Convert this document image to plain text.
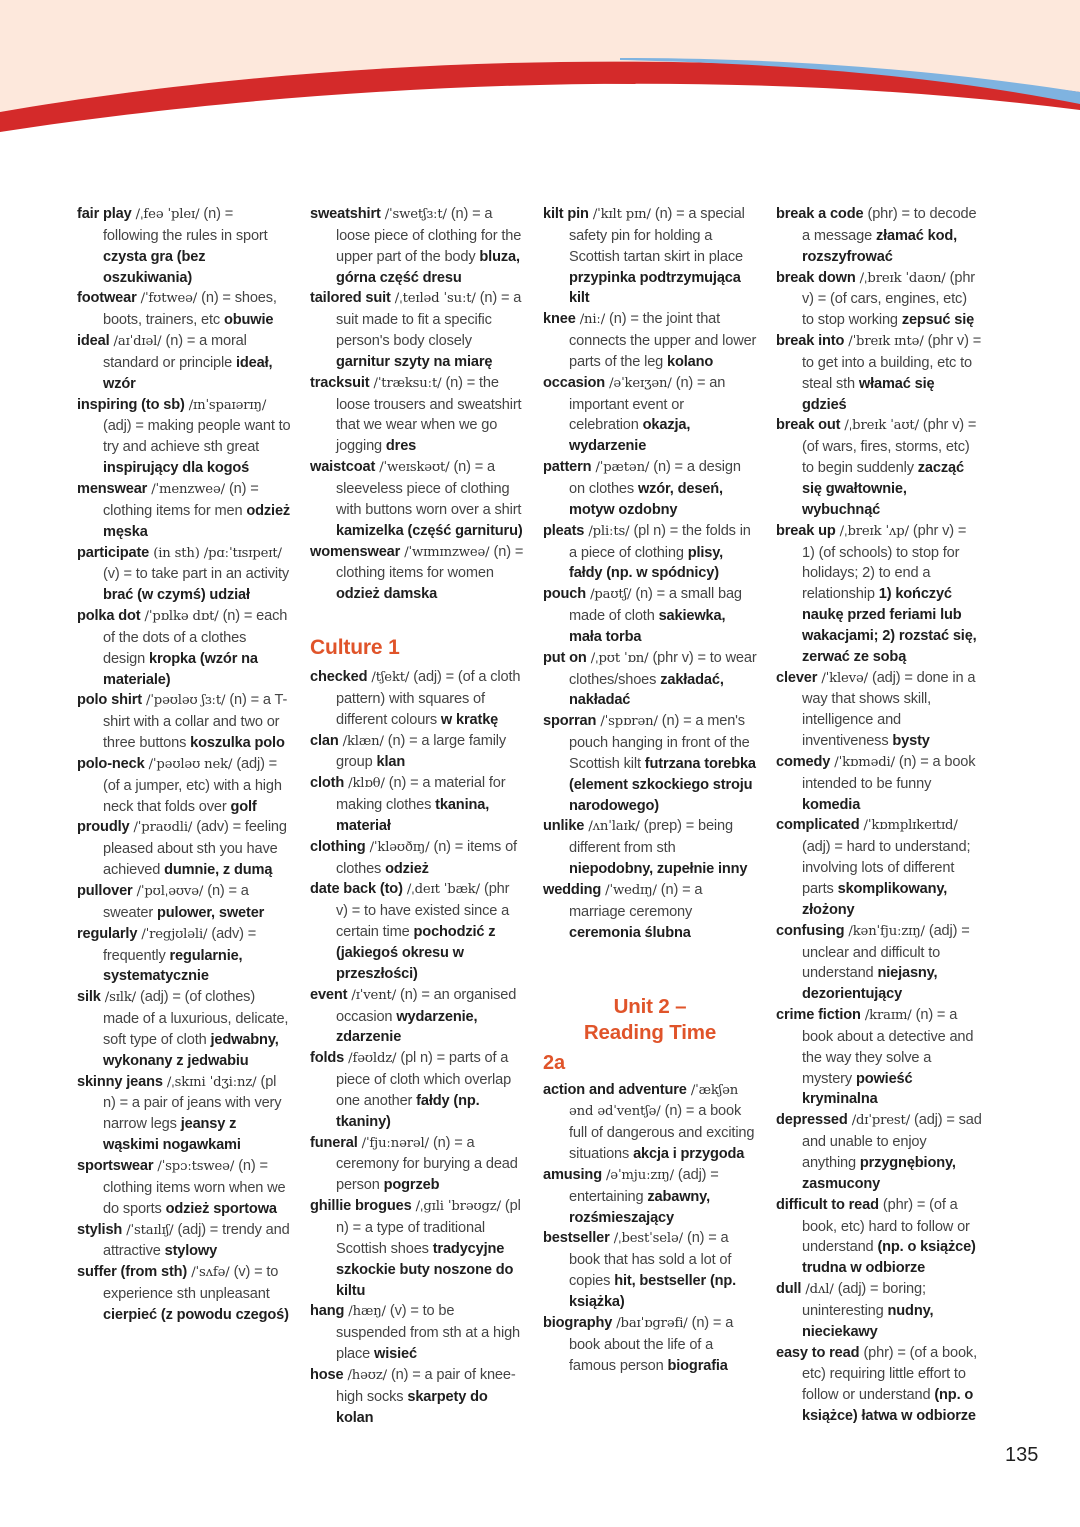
fair play /ˌfeə ˈpleɪ/ (n) = following the rules in sport czysta gra (bez oszukiwania)
footwear /ˈfʊtweə/ (n) = shoes, boots, trainers, etc obuwie
ideal /aɪˈdɪəl/ (n) = a moral standard or principle ideał, wzór
inspiring (to sb) /ɪnˈspaɪərɪŋ/ (adj) = making people want to try and achieve sth great inspirujący dla kogoś
menswear /ˈmenzweə/ (n) = clothing items for men odzież męska
participate (in sth) /pɑːˈtɪsɪpeɪt/ (v) = to take part in an activity brać (w czymś) udział
polka dot /ˈpɒlkə dɒt/ (n) = each of the dots of a clothes design kropka (wzór na materiale)
polo shirt /ˈpəʊləʊ ʃɜːt/ (n) = a T-shirt with a collar and two or three buttons koszulka polo
polo-neck /ˈpəʊləʊ nek/ (adj) = (of a jumper, etc) with a high neck that folds over golf
proudly /ˈpraʊdli/ (adv) = feeling pleased about sth you have achieved dumnie, z dumą
pullover /ˈpʊlˌəʊvə/ (n) = a sweater pulower, sweter
regularly /ˈregjʊləli/ (adv) = frequently regularnie, systematycznie
silk /sɪlk/ (adj) = (of clothes) made of a luxurious, delicate, soft type of cloth jedwabny, wykonany z jedwabiu
skinny jeans /ˌskɪni ˈdʒiːnz/ (pl n) = a pair of jeans with very narrow legs jeansy z wąskimi nogawkami
sportswear /ˈspɔːtsweə/ (n) = clothing items worn when we do sports odzież sportowa
stylish /ˈstaɪlɪʃ/ (adj) = trendy and attractive stylowy
suffer (from sth) /ˈsʌfə/ (v) = to experience sth unpleasant cierpieć (z powodu czegoś)
sweatshirt /ˈswetʃɜːt/ (n) = a loose piece of clothing for the upper part of the body bluza, górna część dresu
tailored suit /ˌteɪləd ˈsuːt/ (n) = a suit made to fit a specific person's body closely garnitur szyty na miarę
tracksuit /ˈtræksuːt/ (n) = the loose trousers and sweatshirt that we wear when we go jogging dres
waistcoat /ˈweɪskəʊt/ (n) = a sleeveless piece of clothing with buttons worn over a shirt kamizelka (część garnituru)
womenswear /ˈwɪmɪnzweə/ (n) = clothing items for women odzież damska
Culture 1
checked /tʃekt/ (adj) = (of a cloth pattern) with squares of different colours w kratkę
clan /klæn/ (n) = a large family group klan
cloth /klɒθ/ (n) = a material for making clothes tkanina, materiał
clothing /ˈkləʊðɪŋ/ (n) = items of clothes odzież
date back (to) /ˌdeɪt ˈbæk/ (phr v) = to have existed since a certain time pochodzić z (jakiegoś okresu w przeszłości)
event /ɪˈvent/ (n) = an organised occasion wydarzenie, zdarzenie
folds /fəʊldz/ (pl n) = parts of a piece of cloth which overlap one another fałdy (np. tkaniny)
funeral /ˈfjuːnərəl/ (n) = a ceremony for burying a dead person pogrzeb
ghillie brogues /ˌgɪli ˈbrəʊgz/ (pl n) = a type of traditional Scottish shoes tradycyjne szkockie buty noszone do kiltu
hang /hæŋ/ (v) = to be suspended from sth at a high place wisieć
hose /həʊz/ (n) = a pair of knee-high socks skarpety do kolan
kilt pin /ˈkɪlt pɪn/ (n) = a special safety pin for holding a Scottish tartan skirt in place przypinka podtrzymująca kilt
knee /niː/ (n) = the joint that connects the upper and lower parts of the leg kolano
occasion /əˈkeɪʒən/ (n) = an important event or celebration okazja, wydarzenie
pattern /ˈpætən/ (n) = a design on clothes wzór, deseń, motyw ozdobny
pleats /pliːts/ (pl n) = the folds in a piece of clothing plisy, fałdy (np. w spódnicy)
pouch /paʊtʃ/ (n) = a small bag made of cloth sakiewka, mała torba
put on /ˌpʊt ˈɒn/ (phr v) = to wear clothes/shoes zakładać, nakładać
sporran /ˈspɒrən/ (n) = a men's pouch hanging in front of the Scottish kilt futrzana torebka (element szkockiego stroju narodowego)
unlike /ʌnˈlaɪk/ (prep) = being different from sth niepodobny, zupełnie inny
wedding /ˈwedɪŋ/ (n) = a marriage ceremony ceremonia ślubna
Unit 2 –
Reading Time
2a
action and adventure /ˈækʃən ənd ədˈventʃə/ (n) = a book full of dangerous and exciting situations akcja i przygoda
amusing /əˈmjuːzɪŋ/ (adj) = entertaining zabawny, rozśmieszający
bestseller /ˌbestˈselə/ (n) = a book that has sold a lot of copies hit, bestseller (np. książka)
biography /baɪˈɒgrəfi/ (n) = a book about the life of a famous person biografia
break a code (phr) = to decode a message złamać kod, rozszyfrować
break down /ˌbreɪk ˈdaʊn/ (phr v) = (of cars, engines, etc) to stop working zepsuć się
break into /ˈbreɪk ɪntə/ (phr v) = to get into a building, etc to steal sth włamać się gdzieś
break out /ˌbreɪk ˈaʊt/ (phr v) = (of wars, fires, storms, etc) to begin suddenly zacząć się gwałtownie, wybuchnąć
break up /ˌbreɪk ˈʌp/ (phr v) = 1) (of schools) to stop for holidays; 2) to end a relationship 1) kończyć naukę przed feriami lub wakacjami; 2) rozstać się, zerwać ze sobą
clever /ˈklevə/ (adj) = done in a way that shows skill, intelligence and inventiveness bysty
comedy /ˈkɒmədi/ (n) = a book intended to be funny komedia
complicated /ˈkɒmplɪkeɪtɪd/ (adj) = hard to understand; involving lots of different parts skomplikowany, złożony
confusing /kənˈfjuːzɪŋ/ (adj) = unclear and difficult to understand niejasny, dezorientujący
crime fiction /kraɪm/ (n) = a book about a detective and the way they solve a mystery powieść kryminalna
depressed /dɪˈprest/ (adj) = sad and unable to enjoy anything przygnębiony, zasmucony
difficult to read (phr) = (of a book, etc) hard to follow or understand (np. o książce) trudna w odbiorze
dull /dʌl/ (adj) = boring; uninteresting nudny, nieciekawy
easy to read (phr) = (of a book, etc) requiring little effort to follow or understand (np. o książce) łatwa w odbiorze
135
